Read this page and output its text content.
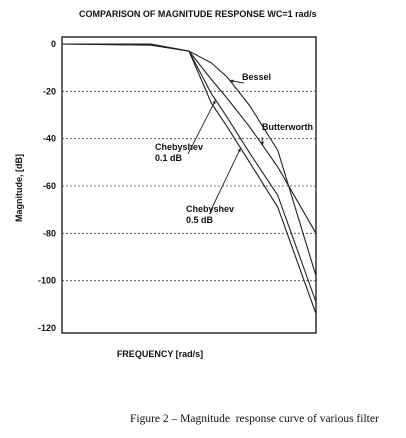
COMPARISON OF MAGNITUDE RESPONSE WC=1 rad/s
0
-20
-40
-60
-80
-100
-120
Bessel
Butterworth
Chebyshev 0.1 dB
Chebyshev 0.5 dB
Magnitude, [dB]
FREQUENCY [rad/s]
Figure 2 – Magnitude  response curve of various filter
